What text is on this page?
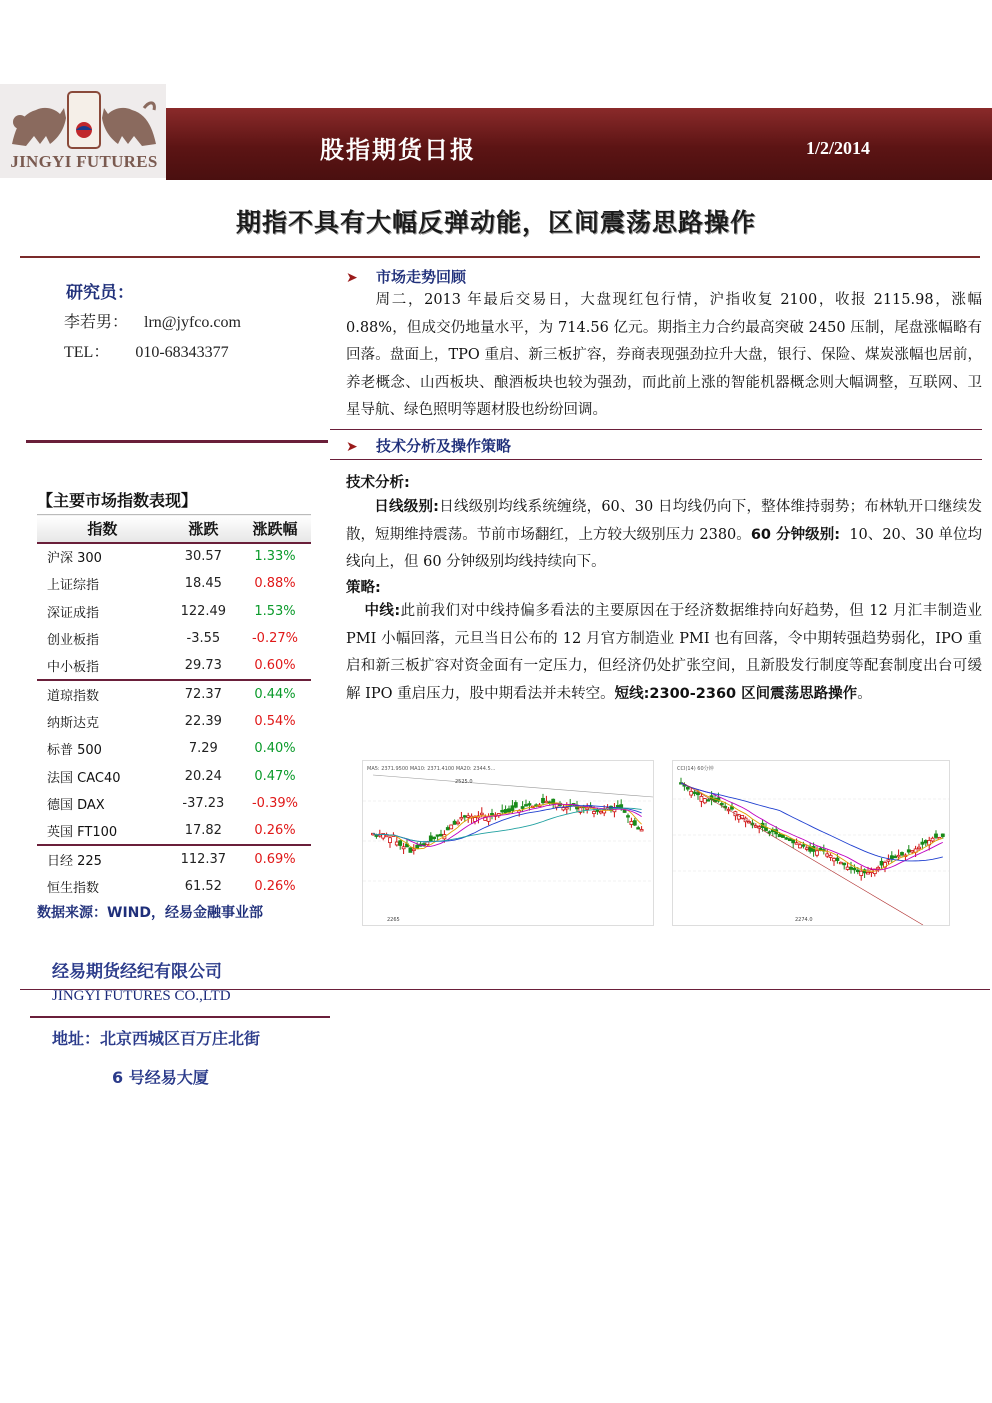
JINGYI FUTURES	股指期货日报	1/2/2014
期指不具有大幅反弹动能，区间震荡思路操作
研究员：
李若男： lrn@jyfco.com
TEL： 010-68343377
【主要市场指数表现】
指数	涨跌	涨跌幅
沪深 300	30.57	1.33%
上证综指	18.45	0.88%
深证成指	122.49	1.53%
创业板指	-3.55	-0.27%
中小板指	29.73	0.60%
道琼指数	72.37	0.44%
纳斯达克	22.39	0.54%
标普 500	7.29	0.40%
法国 CAC40	20.24	0.47%
德国 DAX	-37.23	-0.39%
英国 FT100	17.82	0.26%
日经 225	112.37	0.69%
恒生指数	61.52	0.26%
数据来源：WIND，经易金融事业部
经易期货经纪有限公司
JINGYI FUTURES CO.,LTD
地址：北京西城区百万庄北街
6 号经易大厦
➤ 市场走势回顾
周二，2013 年最后交易日，大盘现红包行情，沪指收复 2100，收报 2115.98，涨幅 0.88%，但成交仍地量水平，为 714.56 亿元。期指主力合约最高突破 2450 压制，尾盘涨幅略有回落。盘面上，TPO 重启、新三板扩容，券商表现强劲拉升大盘，银行、保险、煤炭涨幅也居前，养老概念、山西板块、酿酒板块也较为强劲，而此前上涨的智能机器概念则大幅调整，互联网、卫星导航、绿色照明等题材股也纷纷回调。
➤ 技术分析及操作策略
技术分析:
日线级别:日线级别均线系统缠绕，60、30 日均线仍向下，整体维持弱势；布林轨开口继续发散，短期维持震荡。节前市场翻红，上方较大级别压力 2380。60 分钟级别: 10、20、30 单位均线向上，但 60 分钟级别均线持续向下。
策略:
中线:此前我们对中线持偏多看法的主要原因在于经济数据维持向好趋势，但 12 月汇丰制造业 PMI 小幅回落，元旦当日公布的 12 月官方制造业 PMI 也有回落，令中期转强趋势弱化，IPO 重启和新三板扩容对资金面有一定压力，但经济仍处扩张空间，且新股发行制度等配套制度出台可缓解 IPO 重启压力，股中期看法并未转空。短线:2300-2360 区间震荡思路操作。
MA5: 2371.9500 MA10: 2371.4100 MA20: 2344.5...
2525.0
2265
CCI(14) 60分钟
2274.0
